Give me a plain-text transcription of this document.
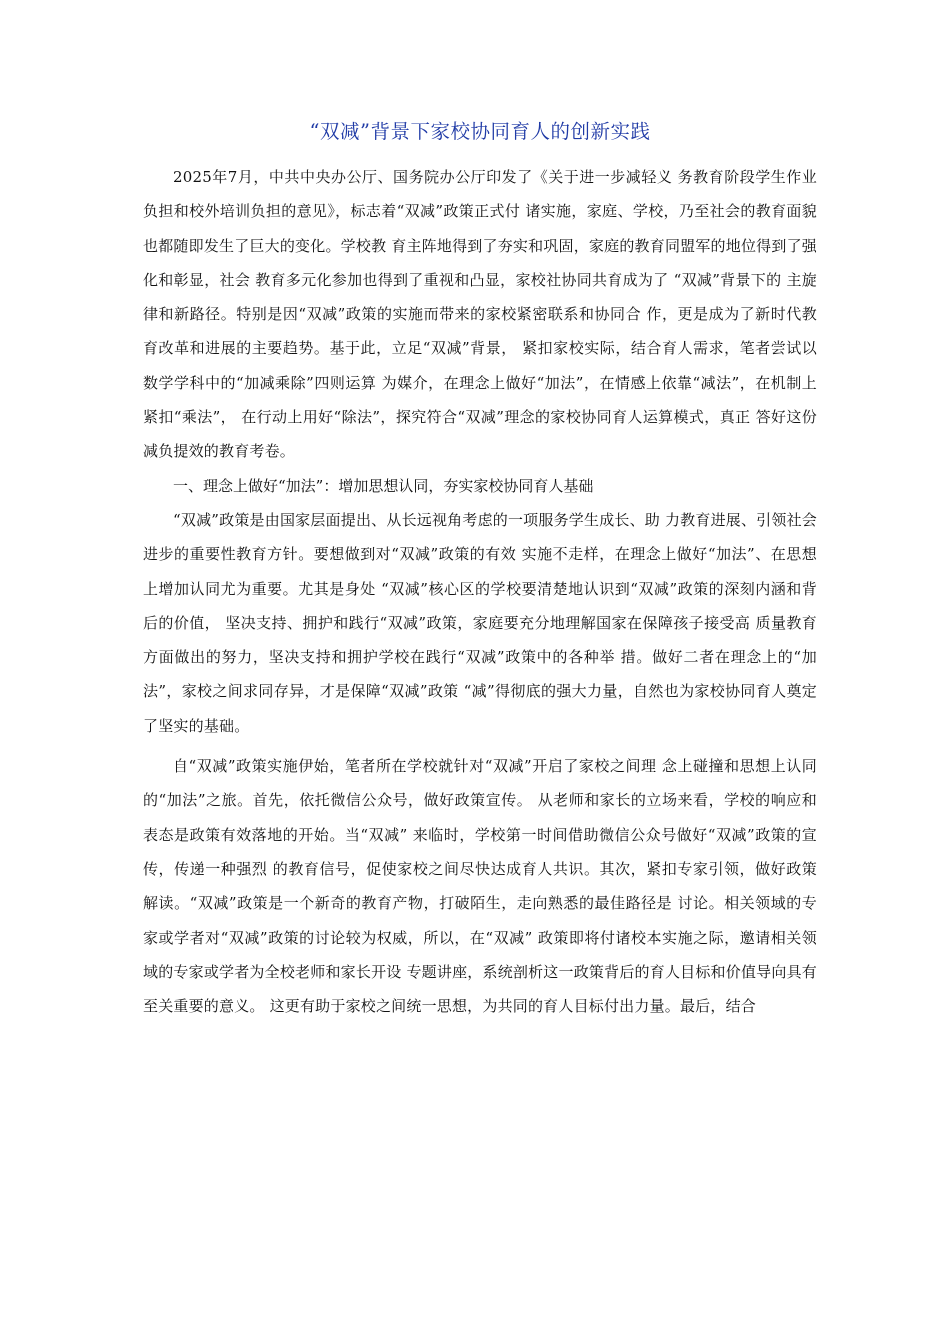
“双减”背景下家校协同育人的创新实践

2025年7月，中共中央办公厅、国务院办公厅印发了《关于进一步减轻义 务教育阶段学生作业负担和校外培训负担的意见》，标志着“双减”政策正式付 诸实施，家庭、学校，乃至社会的教育面貌也都随即发生了巨大的变化。学校教 育主阵地得到了夯实和巩固，家庭的教育同盟军的地位得到了强化和彰显，社会 教育多元化参加也得到了重视和凸显，家校社协同共育成为了 “双减”背景下的 主旋律和新路径。特别是因“双减”政策的实施而带来的家校紧密联系和协同合 作，更是成为了新时代教育改革和进展的主要趋势。基于此，立足“双减”背景， 紧扣家校实际，结合育人需求，笔者尝试以数学学科中的“加减乘除”四则运算 为媒介，在理念上做好“加法”，在情感上依靠“减法”，在机制上紧扣“乘法”， 在行动上用好“除法”，探究符合“双减”理念的家校协同育人运算模式，真正 答好这份减负提效的教育考卷。

一、理念上做好“加法”：增加思想认同，夯实家校协同育人基础

“双减”政策是由国家层面提出、从长远视角考虑的一项服务学生成长、助 力教育进展、引领社会进步的重要性教育方针。要想做到对“双减”政策的有效 实施不走样，在理念上做好“加法”、在思想上增加认同尤为重要。尤其是身处 “双减”核心区的学校要清楚地认识到“双减”政策的深刻内涵和背后的价值， 坚决支持、拥护和践行“双减”政策，家庭要充分地理解国家在保障孩子接受高 质量教育方面做出的努力，坚决支持和拥护学校在践行“双减”政策中的各种举 措。做好二者在理念上的“加法”，家校之间求同存异，才是保障“双减”政策 “减”得彻底的强大力量，自然也为家校协同育人奠定了坚实的基础。

自“双减”政策实施伊始，笔者所在学校就针对“双减”开启了家校之间理 念上碰撞和思想上认同的“加法”之旅。首先，依托微信公众号，做好政策宣传。 从老师和家长的立场来看，学校的响应和表态是政策有效落地的开始。当“双减” 来临时，学校第一时间借助微信公众号做好“双减”政策的宣传，传递一种强烈 的教育信号，促使家校之间尽快达成育人共识。其次，紧扣专家引领，做好政策 解读。“双减”政策是一个新奇的教育产物，打破陌生，走向熟悉的最佳路径是 讨论。相关领域的专家或学者对“双减”政策的讨论较为权威，所以，在“双减” 政策即将付诸校本实施之际，邀请相关领域的专家或学者为全校老师和家长开设 专题讲座，系统剖析这一政策背后的育人目标和价值导向具有至关重要的意义。 这更有助于家校之间统一思想，为共同的育人目标付出力量。最后，结合
